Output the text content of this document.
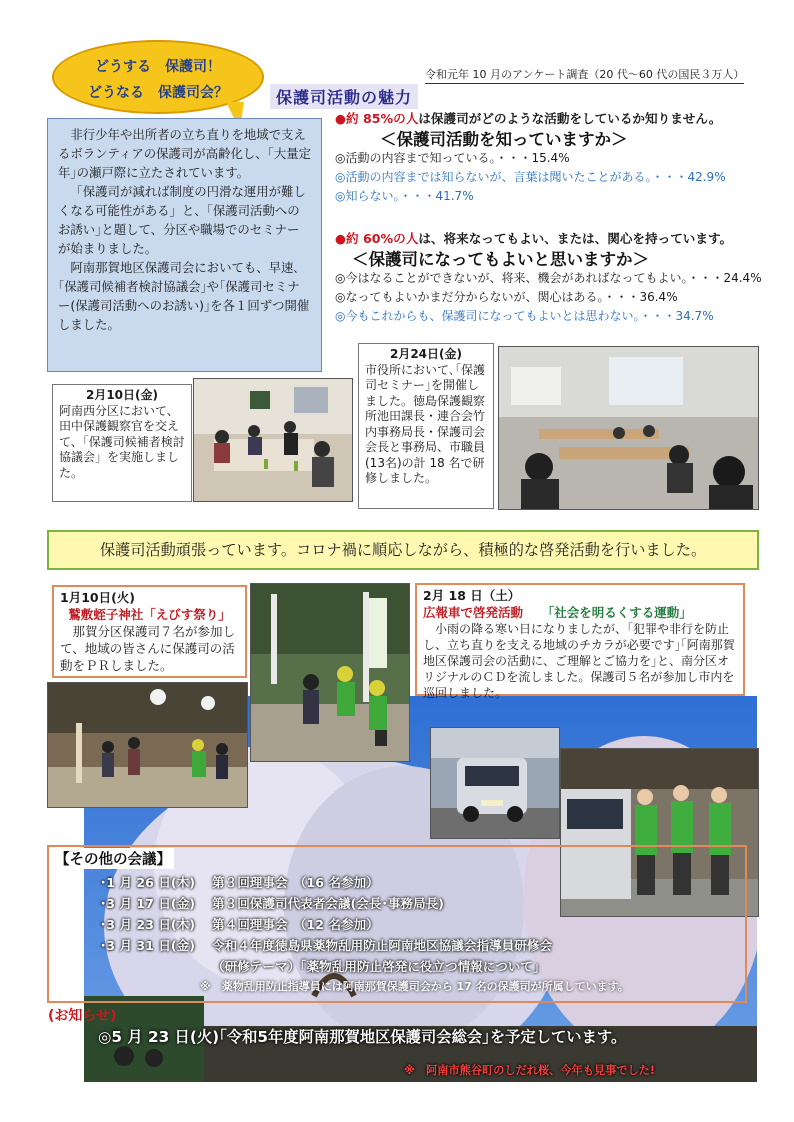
どうする　保護司！
どうなる　保護司会？
令和元年 10 月のアンケート調査（20 代～60 代の国民３万人）
保護司活動の魅力

非行少年や出所者の立ち直りを地域で支えるボランティアの保護司が高齢化し、｢大量定年｣の瀬戸際に立たされています。

「保護司が減れば制度の円滑な運用が難しくなる可能性がある」と、｢保護司活動へのお誘い｣と題して、分区や職場でのセミナーが始まりました。

阿南那賀地区保護司会においても、早速､｢保護司候補者検討協議会｣や｢保護司セミナー(保護司活動へのお誘い)｣を各１回ずつ開催しました。

●約 85%の人は保護司がどのような活動をしているか知りません。
＜保護司活動を知っていますか＞
◎活動の内容まで知っている。・・・15.4%
◎活動の内容までは知らないが、言葉は聞いたことがある。・・・42.9%
◎知らない。・・・41.7%
●約 60%の人は、将来なってもよい、または、関心を持っています。
＜保護司になってもよいと思いますか＞
◎今はなることができないが、将来、機会があればなってもよい。・・・24.4%
◎なってもよいかまだ分からないが、関心はある。・・・36.4%
◎今もこれからも、保護司になってもよいとは思わない。・・・34.7%
2月10日(金)
阿南西分区において、田中保護観察官を交えて、「保護司候補者検討協議会」を実施しました。
2月24日(金)
市役所において､｢保護司セミナー｣を開催しました。徳島保護観察所池田課長・連合会竹内事務局長・保護司会会長と事務局、市職員(13名)の計 18 名で研修しました。
保護司活動頑張っています。コロナ禍に順応しながら、積極的な啓発活動を行いました。
1月10日(火)
鷲敷蛭子神社「えびす祭り」
那賀分区保護司７名が参加して、地域の皆さんに保護司の活動をＰＲしました。
2月 18 日（土）
広報車で啓発活動　　 「社会を明るくする運動」
小雨の降る寒い日になりましたが、｢犯罪や非行を防止し、立ち直りを支える地域のチカラが必要です｣｢阿南那賀地区保護司会の活動に、ご理解とご協力を｣と、南分区オリジナルのＣＤを流しました。保護司５名が参加し市内を巡回しました。
【その他の会議】
･1 月 26 日(木)　 第３回理事会　（16 名参加）
･3 月 17 日(金)　 第３回保護司代表者会議(会長･事務局長)
･3 月 23 日(木)　 第４回理事会　（12 名参加）
･3 月 31 日(金)　 令和４年度徳島県薬物乱用防止阿南地区協議会指導員研修会
（研修テーマ）｢薬物乱用防止啓発に役立つ情報について｣
※　薬物乱用防止指導員には阿南那賀保護司会から 17 名の保護司が所属しています。
(お知らせ)
◎5 月 23 日(火)｢令和5年度阿南那賀地区保護司会総会｣を予定しています。
※　阿南市熊谷町のしだれ桜、今年も見事でした!
